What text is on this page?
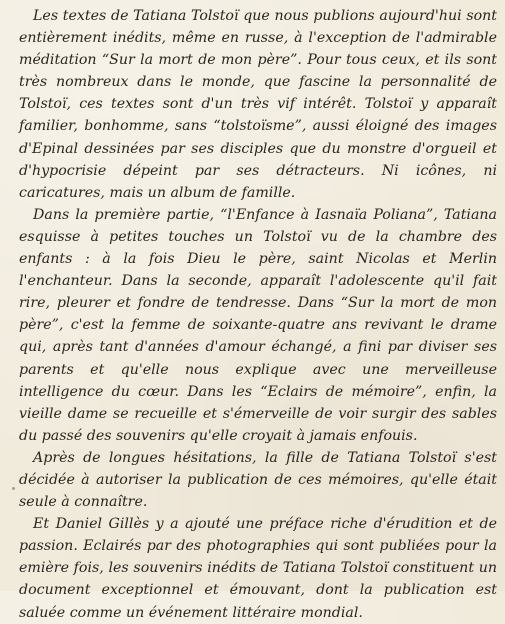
Les textes de Tatiana Tolstoï que nous publions aujourd'hui sont entièrement inédits, même en russe, à l'exception de l'admirable méditation “Sur la mort de mon père”. Pour tous ceux, et ils sont très nombreux dans le monde, que fascine la personnalité de Tolstoï, ces textes sont d'un très vif intérêt. Tolstoï y apparaît familier, bonhomme, sans “tolstoïsme”, aussi éloigné des images d'Epinal dessinées par ses disciples que du monstre d'orgueil et d'hypocrisie dépeint par ses détracteurs. Ni icônes, ni caricatures, mais un album de famille.

Dans la première partie, “l'Enfance à Iasnaïa Poliana”, Tatiana esquisse à petites touches un Tolstoï vu de la chambre des enfants : à la fois Dieu le père, saint Nicolas et Merlin l'enchanteur. Dans la seconde, apparaît l'adolescente qu'il fait rire, pleurer et fondre de tendresse. Dans “Sur la mort de mon père”, c'est la femme de soixante-quatre ans revivant le drame qui, après tant d'années d'amour échangé, a fini par diviser ses parents et qu'elle nous explique avec une merveilleuse intelligence du cœur. Dans les “Eclairs de mémoire”, enfin, la vieille dame se recueille et s'émerveille de voir surgir des sables du passé des souvenirs qu'elle croyait à jamais enfouis.

Après de longues hésitations, la fille de Tatiana Tolstoï s'est décidée à autoriser la publication de ces mémoires, qu'elle était seule à connaître.

Et Daniel Gillès y a ajouté une préface riche d'érudition et de passion. Eclairés par des photographies qui sont publiées pour la emière fois, les souvenirs inédits de Tatiana Tolstoï constituent un document exceptionnel et émouvant, dont la publication est saluée comme un événement littéraire mondial.
